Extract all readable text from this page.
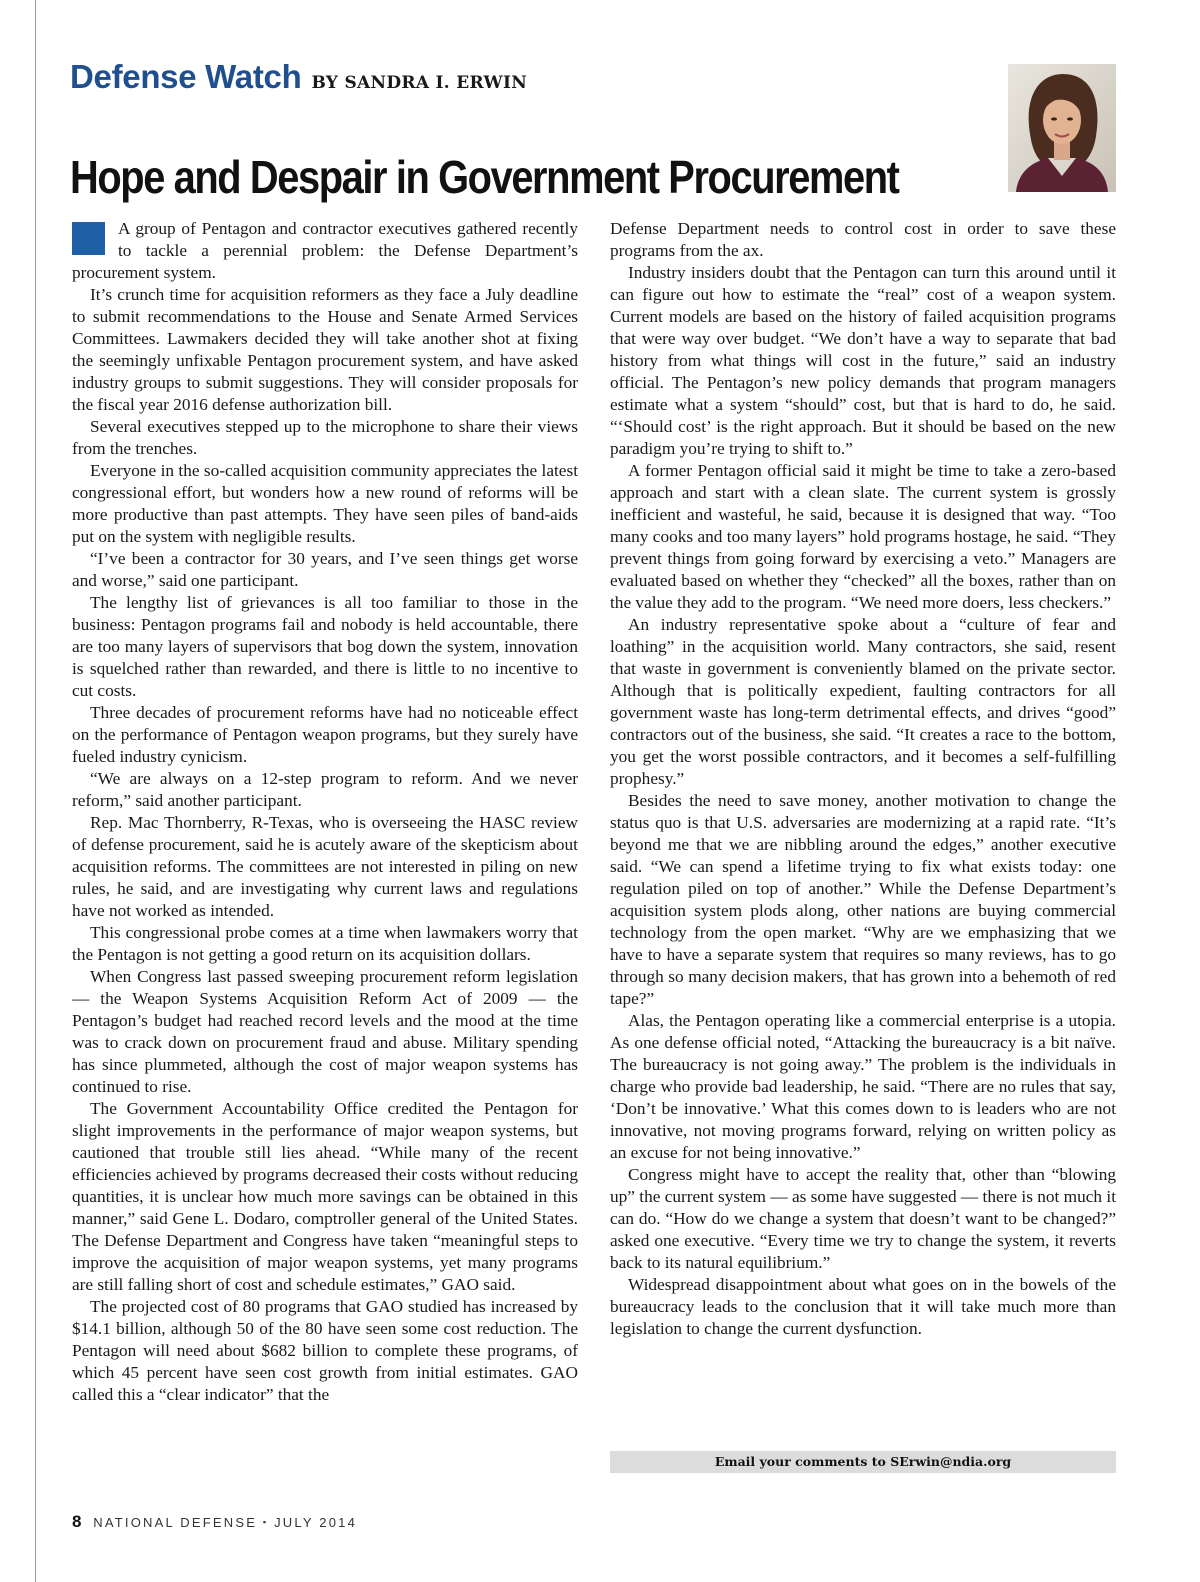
Defense Watch BY SANDRA I. ERWIN
Hope and Despair in Government Procurement

A group of Pentagon and contractor executives gathered recently to tackle a perennial problem: the Defense Department’s procurement system.

It’s crunch time for acquisition reformers as they face a July deadline to submit recommendations to the House and Senate Armed Services Committees. Lawmakers decided they will take another shot at fixing the seemingly unfixable Pentagon procurement system, and have asked industry groups to submit suggestions. They will consider proposals for the fiscal year 2016 defense authorization bill.

Several executives stepped up to the microphone to share their views from the trenches.

Everyone in the so-called acquisition community appreciates the latest congressional effort, but wonders how a new round of reforms will be more productive than past attempts. They have seen piles of band-aids put on the system with negligible results.

“I’ve been a contractor for 30 years, and I’ve seen things get worse and worse,” said one participant.

The lengthy list of grievances is all too familiar to those in the business: Pentagon programs fail and nobody is held accountable, there are too many layers of supervisors that bog down the system, innovation is squelched rather than rewarded, and there is little to no incentive to cut costs.

Three decades of procurement reforms have had no noticeable effect on the performance of Pentagon weapon programs, but they surely have fueled industry cynicism.

“We are always on a 12-step program to reform. And we never reform,” said another participant.

Rep. Mac Thornberry, R-Texas, who is overseeing the HASC review of defense procurement, said he is acutely aware of the skepticism about acquisition reforms. The committees are not interested in piling on new rules, he said, and are investigating why current laws and regulations have not worked as intended.

This congressional probe comes at a time when lawmakers worry that the Pentagon is not getting a good return on its acquisition dollars.

When Congress last passed sweeping procurement reform legislation — the Weapon Systems Acquisition Reform Act of 2009 — the Pentagon’s budget had reached record levels and the mood at the time was to crack down on procurement fraud and abuse. Military spending has since plummeted, although the cost of major weapon systems has continued to rise.

The Government Accountability Office credited the Pentagon for slight improvements in the performance of major weapon systems, but cautioned that trouble still lies ahead. “While many of the recent efficiencies achieved by programs decreased their costs without reducing quantities, it is unclear how much more savings can be obtained in this manner,” said Gene L. Dodaro, comptroller general of the United States. The Defense Department and Congress have taken “meaningful steps to improve the acquisition of major weapon systems, yet many programs are still falling short of cost and schedule estimates,” GAO said.

The projected cost of 80 programs that GAO studied has increased by $14.1 billion, although 50 of the 80 have seen some cost reduction. The Pentagon will need about $682 billion to complete these programs, of which 45 percent have seen cost growth from initial estimates. GAO called this a “clear indicator” that the

Defense Department needs to control cost in order to save these programs from the ax.

Industry insiders doubt that the Pentagon can turn this around until it can figure out how to estimate the “real” cost of a weapon system. Current models are based on the history of failed acquisition programs that were way over budget. “We don’t have a way to separate that bad history from what things will cost in the future,” said an industry official. The Pentagon’s new policy demands that program managers estimate what a system “should” cost, but that is hard to do, he said. “‘Should cost’ is the right approach. But it should be based on the new paradigm you’re trying to shift to.”

A former Pentagon official said it might be time to take a zero-based approach and start with a clean slate. The current system is grossly inefficient and wasteful, he said, because it is designed that way. “Too many cooks and too many layers” hold programs hostage, he said. “They prevent things from going forward by exercising a veto.” Managers are evaluated based on whether they “checked” all the boxes, rather than on the value they add to the program. “We need more doers, less checkers.”

An industry representative spoke about a “culture of fear and loathing” in the acquisition world. Many contractors, she said, resent that waste in government is conveniently blamed on the private sector. Although that is politically expedient, faulting contractors for all government waste has long-term detrimental effects, and drives “good” contractors out of the business, she said. “It creates a race to the bottom, you get the worst possible contractors, and it becomes a self-fulfilling prophesy.”

Besides the need to save money, another motivation to change the status quo is that U.S. adversaries are modernizing at a rapid rate. “It’s beyond me that we are nibbling around the edges,” another executive said. “We can spend a lifetime trying to fix what exists today: one regulation piled on top of another.” While the Defense Department’s acquisition system plods along, other nations are buying commercial technology from the open market. “Why are we emphasizing that we have to have a separate system that requires so many reviews, has to go through so many decision makers, that has grown into a behemoth of red tape?”

Alas, the Pentagon operating like a commercial enterprise is a utopia. As one defense official noted, “Attacking the bureaucracy is a bit naïve. The bureaucracy is not going away.” The problem is the individuals in charge who provide bad leadership, he said. “There are no rules that say, ‘Don’t be innovative.’ What this comes down to is leaders who are not innovative, not moving programs forward, relying on written policy as an excuse for not being innovative.”

Congress might have to accept the reality that, other than “blowing up” the current system — as some have suggested — there is not much it can do. “How do we change a system that doesn’t want to be changed?” asked one executive. “Every time we try to change the system, it reverts back to its natural equilibrium.”

Widespread disappointment about what goes on in the bowels of the bureaucracy leads to the conclusion that it will take much more than legislation to change the current dysfunction.

Email your comments to SErwin@ndia.org
8 NATIONAL DEFENSE ▪ JULY 2014
